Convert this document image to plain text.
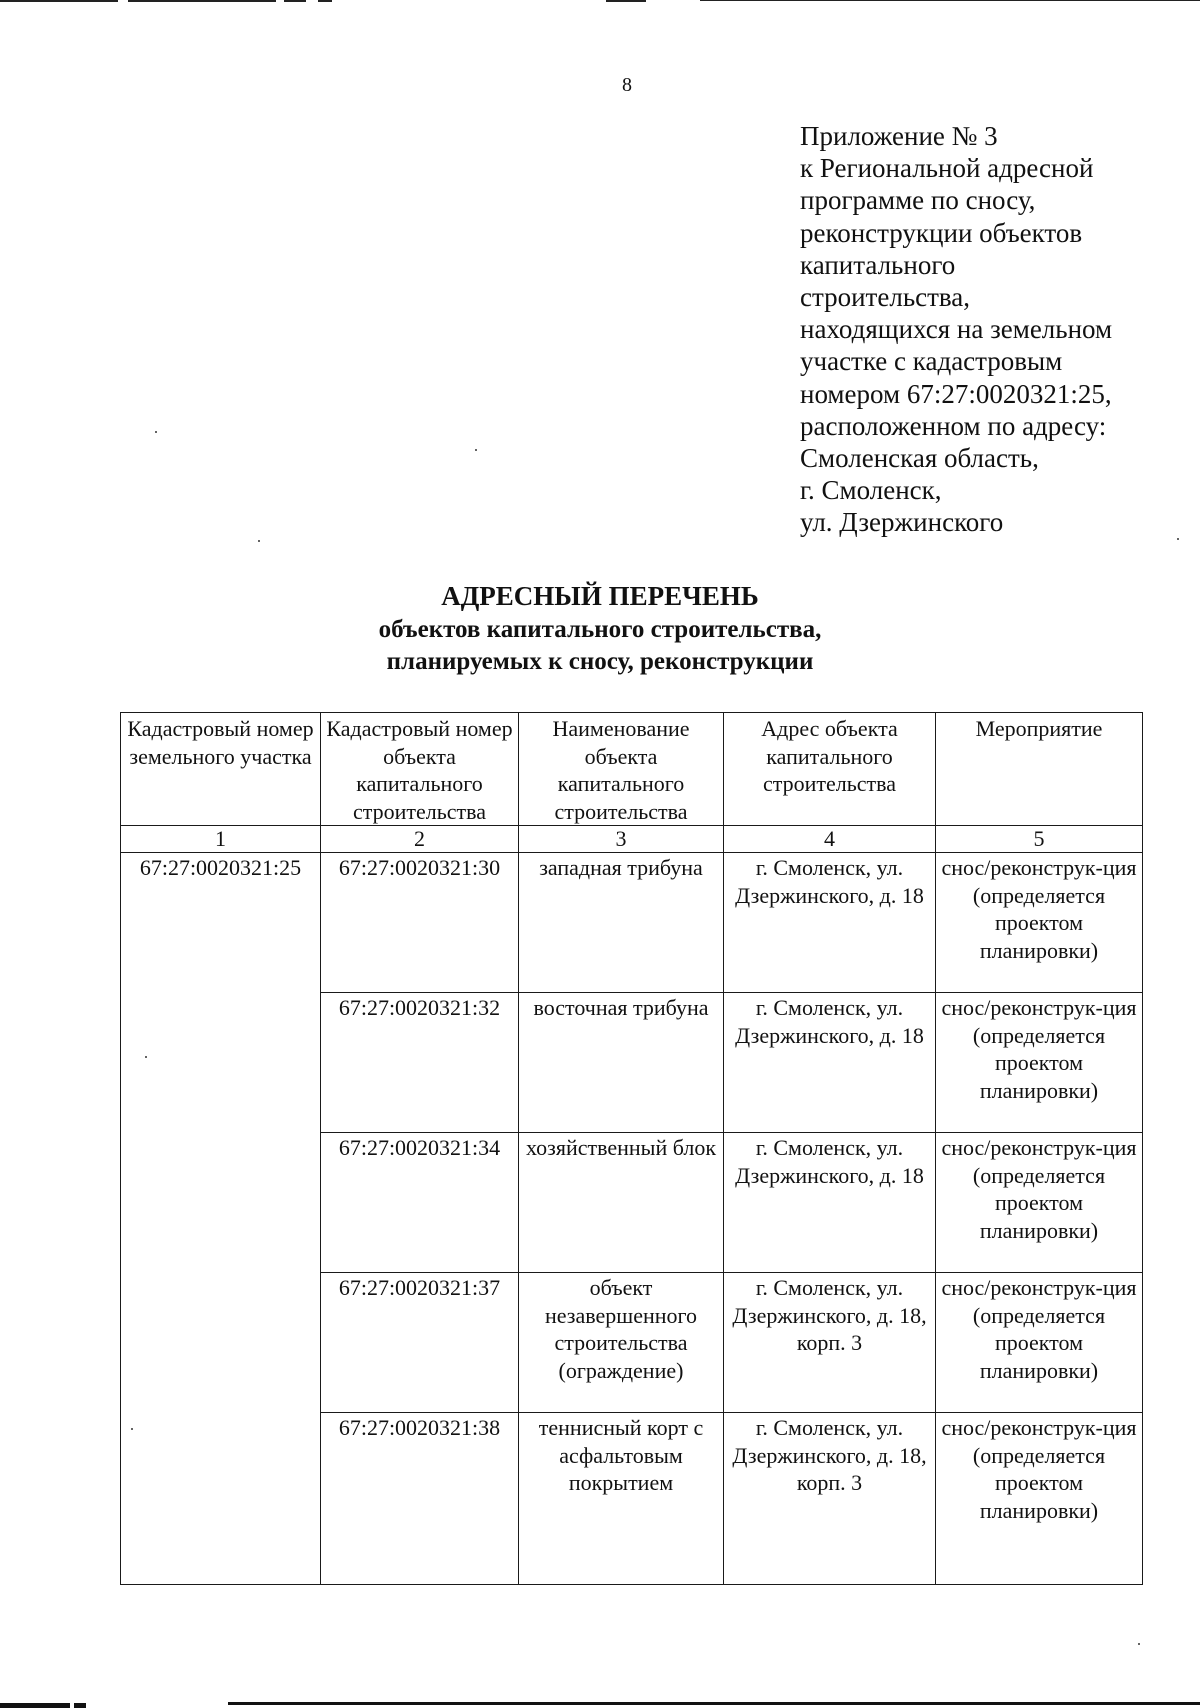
8
Приложение № 3
к Региональной адресной
программе по сносу,
реконструкции объектов
капитального
строительства,
находящихся на земельном
участке с кадастровым
номером 67:27:0020321:25,
расположенном по адресу:
Смоленская область,
г. Смоленск,
ул. Дзержинского
АДРЕСНЫЙ ПЕРЕЧЕНЬ
объектов капитального строительства,
планируемых к сносу, реконструкции
Кадастровый номер земельного участка	Кадастровый номер объекта капитального строительства	Наименование объекта капитального строительства	Адрес объекта капитального строительства	Мероприятие
1	2	3	4	5
67:27:0020321:25	67:27:0020321:30	западная трибуна	г. Смоленск, ул. Дзержинского, д. 18	снос/реконструк-ция (определяется проектом планировки)
	67:27:0020321:32	восточная трибуна	г. Смоленск, ул. Дзержинского, д. 18	снос/реконструк-ция (определяется проектом планировки)
	67:27:0020321:34	хозяйственный блок	г. Смоленск, ул. Дзержинского, д. 18	снос/реконструк-ция (определяется проектом планировки)
	67:27:0020321:37	объект незавершенного строительства (ограждение)	г. Смоленск, ул. Дзержинского, д. 18, корп. 3	снос/реконструк-ция (определяется проектом планировки)
	67:27:0020321:38	теннисный корт с асфальтовым покрытием	г. Смоленск, ул. Дзержинского, д. 18, корп. 3	снос/реконструк-ция (определяется проектом планировки)
